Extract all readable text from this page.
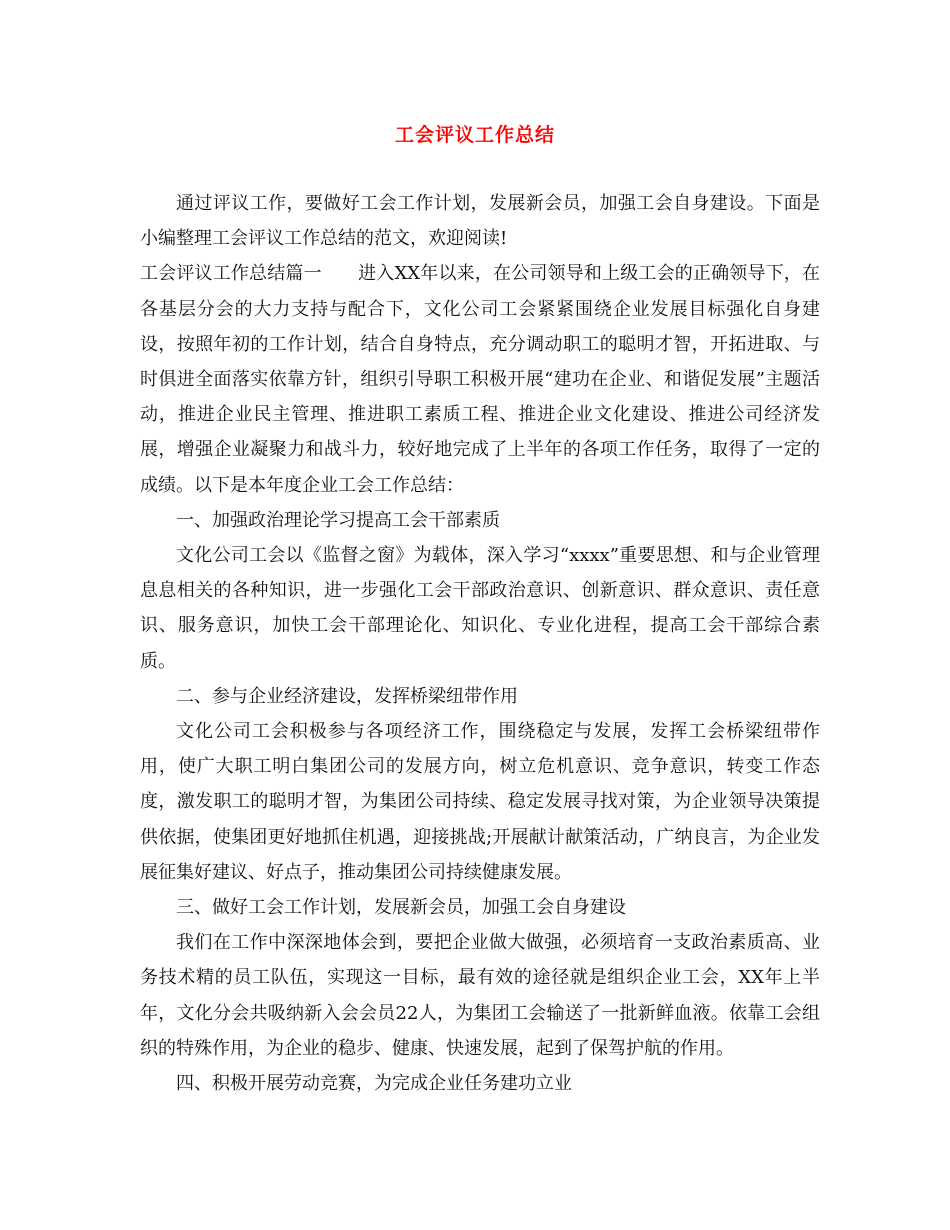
工会评议工作总结

通过评议工作，要做好工会工作计划，发展新会员，加强工会自身建设。下面是小编整理工会评议工作总结的范文，欢迎阅读!

工会评议工作总结篇一　　进入XX年以来，在公司领导和上级工会的正确领导下，在各基层分会的大力支持与配合下，文化公司工会紧紧围绕企业发展目标强化自身建设，按照年初的工作计划，结合自身特点，充分调动职工的聪明才智，开拓进取、与时俱进全面落实依靠方针，组织引导职工积极开展“建功在企业、和谐促发展”主题活动，推进企业民主管理、推进职工素质工程、推进企业文化建设、推进公司经济发展，增强企业凝聚力和战斗力，较好地完成了上半年的各项工作任务，取得了一定的成绩。以下是本年度企业工会工作总结：

一、加强政治理论学习提高工会干部素质

文化公司工会以《监督之窗》为载体，深入学习“xxxx”重要思想、和与企业管理息息相关的各种知识，进一步强化工会干部政治意识、创新意识、群众意识、责任意识、服务意识，加快工会干部理论化、知识化、专业化进程，提高工会干部综合素质。

二、参与企业经济建设，发挥桥梁纽带作用

文化公司工会积极参与各项经济工作，围绕稳定与发展，发挥工会桥梁纽带作用，使广大职工明白集团公司的发展方向，树立危机意识、竞争意识，转变工作态度，激发职工的聪明才智，为集团公司持续、稳定发展寻找对策，为企业领导决策提供依据，使集团更好地抓住机遇，迎接挑战;开展献计献策活动，广纳良言，为企业发展征集好建议、好点子，推动集团公司持续健康发展。

三、做好工会工作计划，发展新会员，加强工会自身建设

我们在工作中深深地体会到，要把企业做大做强，必须培育一支政治素质高、业务技术精的员工队伍，实现这一目标，最有效的途径就是组织企业工会，XX年上半年，文化分会共吸纳新入会会员22人，为集团工会输送了一批新鲜血液。依靠工会组织的特殊作用，为企业的稳步、健康、快速发展，起到了保驾护航的作用。

四、积极开展劳动竞赛，为完成企业任务建功立业
